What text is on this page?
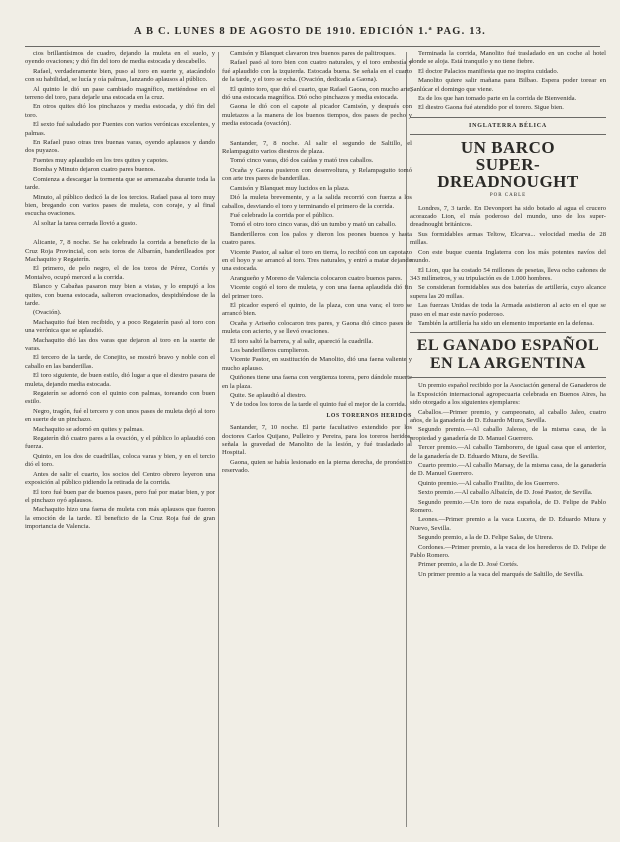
A B C. LUNES 8 DE AGOSTO DE 1910. EDICIÓN 1.ª PAG. 13.

cios brillantísimos de cuadro, dejando la muleta en el suelo, y oyendo ovaciones; y dió fin del toro de media estocada y descabello.

Rafael, verdaderamente bien, puso al toro en suerte y, atacándolo con su habilidad, se lucía y oía palmas, lanzando aplausos al público.

Al quinto le dió un pase cambiado magnífico, metiéndose en el terreno del toro, para dejarle una estocada en la cruz.

En otros quites dió los pinchazos y media estocada, y dió fin del toro.

El sexto fué saludado por Fuentes con varios verónicas excelentes, y palmas.

En Rafael puso otras tres buenas varas, oyendo aplausos y dando dos puyazos.

Fuentes muy aplaudido en los tres quites y capotes.

Bomba y Minuto dejaron cuatro pares buenos.

Comienza a descargar la tormenta que se amenazaba durante toda la tarde.

Minuto, al público dedicó la de los tercios. Rafael pasa al toro muy bien, bregando con varios pases de muleta, con coraje, y al final escucha ovaciones.

Al soltar la tarea cerrada llovió a gusto.

Alicante, 7, 8 noche. Se ha celebrado la corrida a beneficio de la Cruz Roja Provincial, con seis toros de Albarrán, banderilleados por Machaquito y Regaterín.

El primero, de pelo negro, el de los toros de Pérez, Cortés y Montalvo, ocupó merced a la corrida.

Blanco y Cabañas pasaron muy bien a vistas, y lo empujó a los quites, con buena estocada, salieron ovacionados, despidiéndose de la tarde.

(Ovación).

Machaquito fué bien recibido, y a poco Regaterín pasó al toro con una verónica que se aplaudió.

Machaquito dió las dos varas que dejaron al toro en la suerte de varas.

El tercero de la tarde, de Conejito, se mostró bravo y noble con el caballo en las banderillas.

El toro siguiente, de buen estilo, dió lugar a que el diestro pasara de muleta, dejando media estocada.

Regaterín se adornó con el quinto con palmas, toreando con buen estilo.

Negro, tragón, fué el tercero y con unos pases de muleta dejó al toro en suerte de un pinchazo.

Machaquito se adornó en quites y palmas.

Regaterín dió cuatro pares a la ovación, y el público lo aplaudió con fuerza.

Quinto, en los dos de cuadrillas, coloca varas y bien, y en el tercio dió el toro.

Antes de salir el cuarto, los socios del Centro obrero leyeron una exposición al público pidiendo la retirada de la corrida.

El toro fué buen par de buenos pases, pero fué por matar bien, y por el pinchazo oyó aplausos.

Machaquito hizo una faena de muleta con más aplausos que fueron la emoción de la tarde. El beneficio de la Cruz Roja fué de gran importancia de Valencia.

Camisón y Blanquet clavaron tres buenos pares de palitroques.

Rafael pasó al toro bien con cuatro naturales, y el toro embestía y fué aplaudido con la izquierda. Estocada buena. Se señala en el cuarto de la tarde, y el toro se echa. (Ovación, dedicada a Gaona).

El quinto toro, que dió el cuarto, que Rafael Gaona, con mucho arte, dió una estocada magnífica. Dió ocho pinchazos y media estocada.

Gaona le dió con el capote al picador Camisón, y después con muletazos a la manera de los buenos tiempos, dos pases de pecho y media estocada (ovación).

Santander, 7, 8 noche. Al salir el segundo de Saltillo, el Relampaguito varios diestros de plaza.

Tomó cinco varas, dió dos caídas y mató tres caballos.

Ocaña y Gaona pusieron con desenvoltura, y Relampaguito tomó con arte tres pares de banderillas.

Camisón y Blanquet muy lucidos en la plaza.

Dió la muleta brevemente, y a la salida recorrió con fuerza a los caballos, desviando el toro y terminando el primero de la corrida.

Fué celebrado la corrida por el público.

Tomó el otro toro cinco varas, dió un tumbo y mató un caballo.

Banderilleros con los palos y dieron los peones buenos y hasta cuatro pares.

Vicente Pastor, al saltar el toro en tierra, lo recibió con un capotazo en el hoyo y se arrancó al toro. Tres naturales, y entró a matar dejando una estocada.

Arangueño y Moreno de Valencia colocaron cuatro buenos pares.

Vicente cogió el toro de muleta, y con una faena aplaudida dió fin del primer toro.

El picador esperó el quinto, de la plaza, con una vara; el toro se arrancó bien.

Ocaña y Ariseño colocaron tres pares, y Gaona dió cinco pases de muleta con acierto, y se llevó ovaciones.

El toro saltó la barrera, y al salir, apareció la cuadrilla.

Los banderilleros cumplieron.

Vicente Pastor, en sustitución de Manolito, dió una faena valiente y mucho aplauso.

Quiñones tiene una faena con vergüenza torera, pero dándole muerte en la plaza.

Quite. Se aplaudió al diestro.

Y de todos los toros de la tarde el quinto fué el mejor de la corrida.

LOS TORERNOS HERIDOS

Santander, 7, 10 noche. El parte facultativo extendido por los doctores Carlos Quijano, Pulleiro y Pereira, para los toreros heridos, señala la gravedad de Manolito de la lesión, y fué trasladado al Hospital.

Gaona, quien se había lesionado en la pierna derecha, de pronóstico reservado.

Terminada la corrida, Manolito fué trasladado en un coche al hotel donde se aloja. Está tranquilo y no tiene fiebre.

El doctor Palacios manifiesta que no inspira cuidado.

Manolito quiere salir mañana para Bilbao. Espera poder torear en Sanlúcar el domingo que viene.

Es de los que han tomado parte en la corrida de Bienvenida.

El diestro Gaona fué atendido por el torero. Sigue bien.

INGLATERRA BÉLICA
UN BARCO
SUPER-DREADNOUGHT
POR CABLE

Londres, 7, 3 tarde. En Devonport ha sido botado al agua el crucero acorazado Lion, el más poderoso del mundo, uno de los super-dreadnought británicos.

Sus formidables armas Teltow, Elcarva... velocidad media de 28 millas.

Con este buque cuenta Inglaterra con los más potentes navíos del mundo.

El Lion, que ha costado 54 millones de pesetas, lleva ocho cañones de 343 milímetros, y su tripulación es de 1.000 hombres.

Se consideran formidables sus dos baterías de artillería, cuyo alcance supera las 20 millas.

Las fuerzas Unidas de toda la Armada asistieron al acto en el que se puso en el mar este navío poderoso.

También la artillería ha sido un elemento importante en la defensa.

EL GANADO ESPAÑOL EN LA ARGENTINA

Un premio español recibido por la Asociación general de Ganaderos de la Exposición internacional agropecuaria celebrada en Buenos Aires, ha sido otorgado a los siguientes ejemplares:

Caballos.—Primer premio, y campeonato, al caballo Jaleo, cuatro años, de la ganadería de D. Eduardo Miura, Sevilla.

Segundo premio.—Al caballo Jaleoso, de la misma casa, de la propiedad y ganadería de D. Manuel Guerrero.

Tercer premio.—Al caballo Tamborero, de igual casa que el anterior, de la ganadería de D. Eduardo Miura, de Sevilla.

Cuarto premio.—Al caballo Marsay, de la misma casa, de la ganadería de D. Manuel Guerrero.

Quinto premio.—Al caballo Frailito, de los Guerrero.

Sexto premio.—Al caballo Albaicín, de D. José Pastor, de Sevilla.

Segundo premio.—Un toro de raza española, de D. Felipe de Pablo Romero.

Leones.—Primer premio a la vaca Lucera, de D. Eduardo Miura y Nuevo, Sevilla.

Segundo premio, a la de D. Felipe Salas, de Utrera.

Cordones.—Primer premio, a la vaca de los herederos de D. Felipe de Pablo Romero.

Primer premio, a la de D. José Cortés.

Un primer premio a la vaca del marqués de Saltillo, de Sevilla.
